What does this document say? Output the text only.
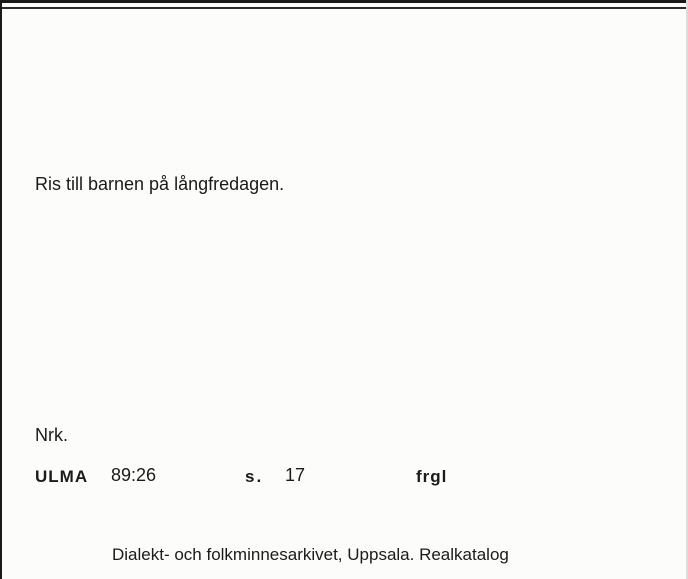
Ris till barnen på långfredagen.
Nrk.
ULMA 89:26	s. 17	frgl
Dialekt- och folkminnesarkivet, Uppsala. Realkatalog
